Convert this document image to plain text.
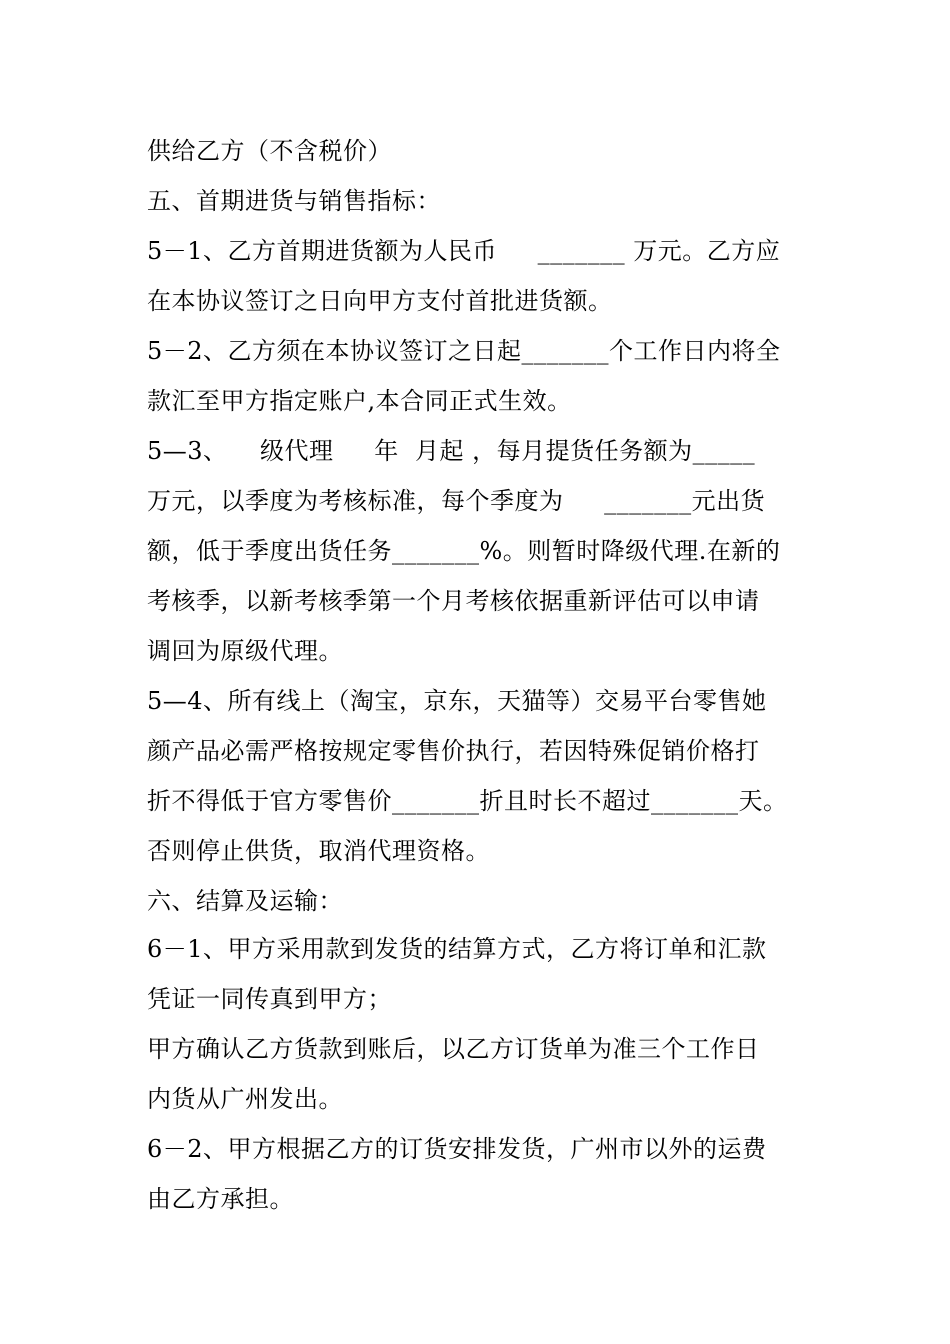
供给乙方（不含税价）
五、首期进货与销售指标：
5－1、乙方首期进货额为人民币     _______ 万元。乙方应
在本协议签订之日向甲方支付首批进货额。
5－2、乙方须在本协议签订之日起_______个工作日内将全
款汇至甲方指定账户,本合同正式生效。
5—3、    级代理     年  月起 ，每月提货任务额为_____
万元，以季度为考核标准，每个季度为     _______元出货
额，低于季度出货任务_______%。则暂时降级代理.在新的
考核季，以新考核季第一个月考核依据重新评估可以申请
调回为原级代理。
5—4、所有线上（淘宝，京东，天猫等）交易平台零售她
颜产品必需严格按规定零售价执行，若因特殊促销价格打
折不得低于官方零售价_______折且时长不超过_______天。
否则停止供货，取消代理资格。
六、结算及运输：
6－1、甲方采用款到发货的结算方式，乙方将订单和汇款
凭证一同传真到甲方；
甲方确认乙方货款到账后，以乙方订货单为准三个工作日
内货从广州发出。
6－2、甲方根据乙方的订货安排发货，广州市以外的运费
由乙方承担。
